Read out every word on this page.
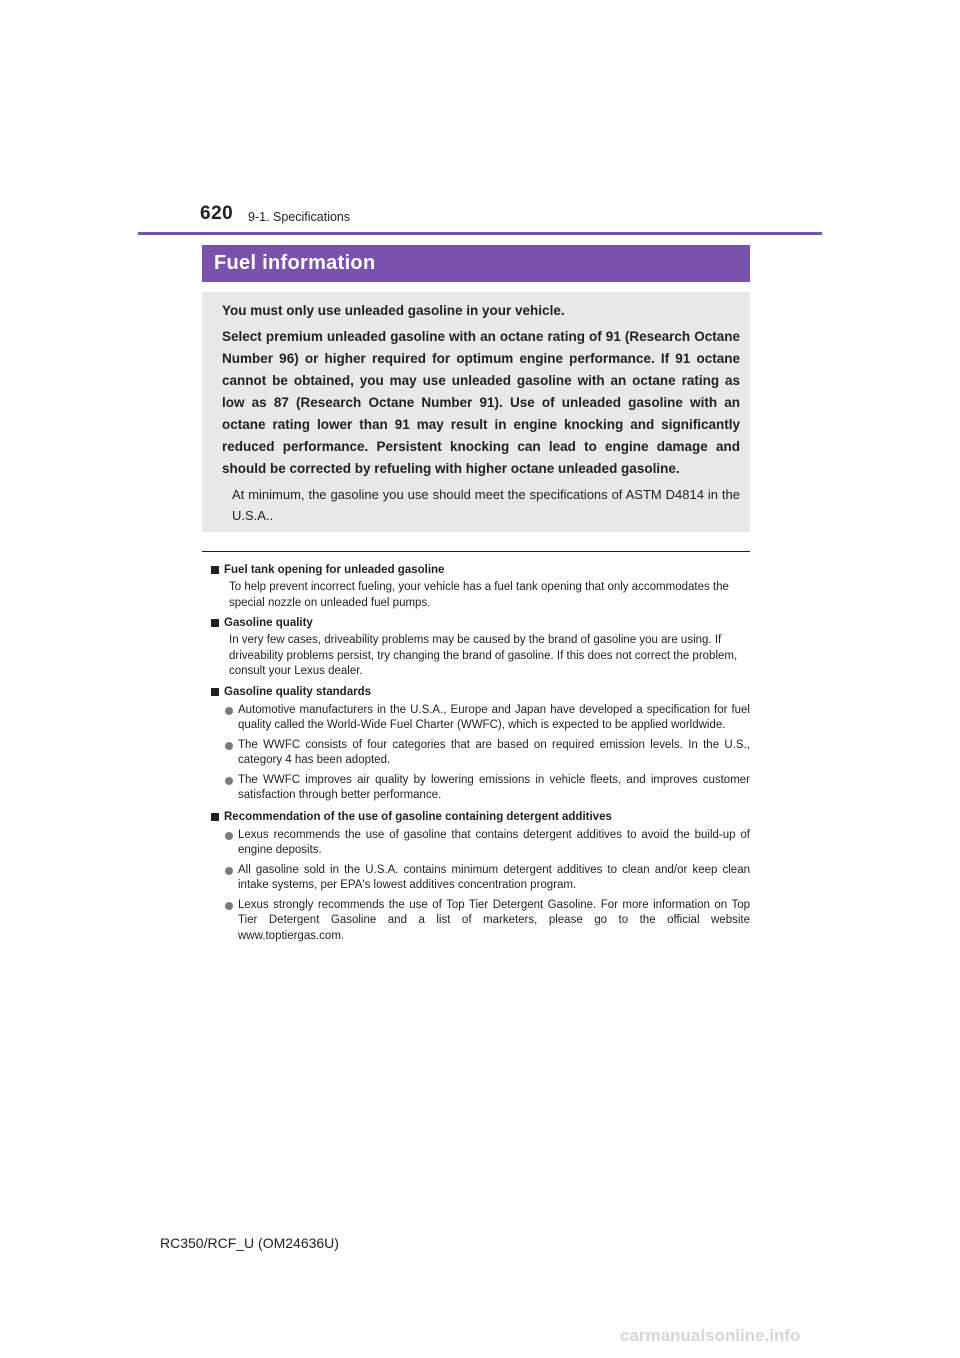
620 9-1. Specifications
Fuel information

You must only use unleaded gasoline in your vehicle.

Select premium unleaded gasoline with an octane rating of 91 (Research Octane Number 96) or higher required for optimum engine performance. If 91 octane cannot be obtained, you may use unleaded gasoline with an octane rating as low as 87 (Research Octane Number 91). Use of unleaded gasoline with an octane rating lower than 91 may result in engine knocking and significantly reduced performance. Persistent knocking can lead to engine damage and should be corrected by refueling with higher octane unleaded gasoline.

At minimum, the gasoline you use should meet the specifications of ASTM D4814 in the U.S.A..

Fuel tank opening for unleaded gasoline
To help prevent incorrect fueling, your vehicle has a fuel tank opening that only accommodates the special nozzle on unleaded fuel pumps.
Gasoline quality
In very few cases, driveability problems may be caused by the brand of gasoline you are using. If driveability problems persist, try changing the brand of gasoline. If this does not correct the problem, consult your Lexus dealer.
Gasoline quality standards
Automotive manufacturers in the U.S.A., Europe and Japan have developed a specification for fuel quality called the World-Wide Fuel Charter (WWFC), which is expected to be applied worldwide.
The WWFC consists of four categories that are based on required emission levels. In the U.S., category 4 has been adopted.
The WWFC improves air quality by lowering emissions in vehicle fleets, and improves customer satisfaction through better performance.
Recommendation of the use of gasoline containing detergent additives
Lexus recommends the use of gasoline that contains detergent additives to avoid the build-up of engine deposits.
All gasoline sold in the U.S.A. contains minimum detergent additives to clean and/or keep clean intake systems, per EPA's lowest additives concentration program.
Lexus strongly recommends the use of Top Tier Detergent Gasoline. For more information on Top Tier Detergent Gasoline and a list of marketers, please go to the official website www.toptiergas.com.
RC350/RCF_U (OM24636U)
carmanualsonline.info
